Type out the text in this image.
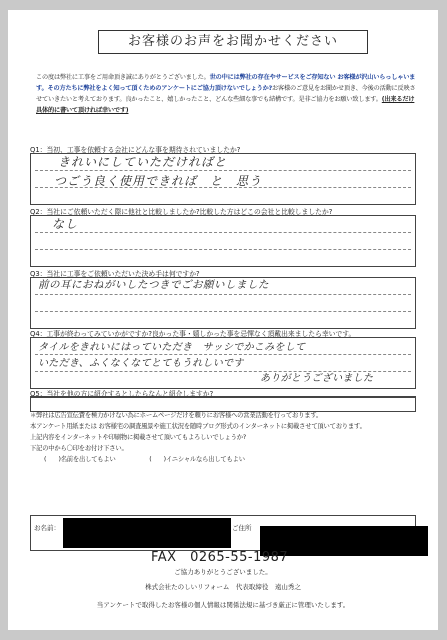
お客様のお声をお聞かせください
この度は弊社に工事をご用命頂き誠にありがとうございました。世の中には弊社の存在やサービスをご存知ない お客様が沢山いらっしゃいます。その方たちに弊社をよく知って頂くためのアンケートにご協力頂けないでしょうか?お客様のご意見をお聞かせ頂き、今後の活動に反映させていきたいと考えております。良かったこと、嬉しかったこと、どんな些細な事でも結構です。是非ご協力をお願い致します。(出来るだけ具体的に書いて頂ければ幸いです)
Q1：当初、工事を依頼する会社にどんな事を期待されていましたか?
きれいにしていただければと
つごう良く使用できれば　と　思う
Q2：当社にご依頼いただく際に他社と比較しましたか?比較した方はどこの会社と比較しましたか?
なし
Q3：当社に工事をご依頼いただいた決め手は何ですか?
前の耳におねがいしたつきでごお願いしました
Q4：工事が終わってみていかがですか?良かった事・嬉しかった事を忌憚なく頂戴出来ましたら幸いです。
タイルをきれいにはっていただき　サッシでかこみをして
いただき、ふくなくなてとてもうれしいです
ありがとうございました
Q5：当社を他の方に紹介するとしたらなんと紹介しますか?
＊弊社は広告宣伝費を極力かけない為にホームページだけを頼りにお客様への営業活動を行っております。
本アンケート用紙または お客様宅の調査風景や施工状況を随時ブログ形式のインターネットに掲載させて頂いております。
上記内容をインターネットや印刷物に掲載させて頂いてもよろしいでしょうか?
下記の中から〇印をお付け下さい。
(　　)名前を出してもよい	(　　)イニシャルなら出してもよい
お名前：	ご住所
FAX　0265-55-1987
ご協力ありがとうございました。
株式会社たのしいリフォーム　代表取締役　遠山秀之
当アンケートで取得したお客様の個人情報は関係法規に基づき厳正に管理いたします。
